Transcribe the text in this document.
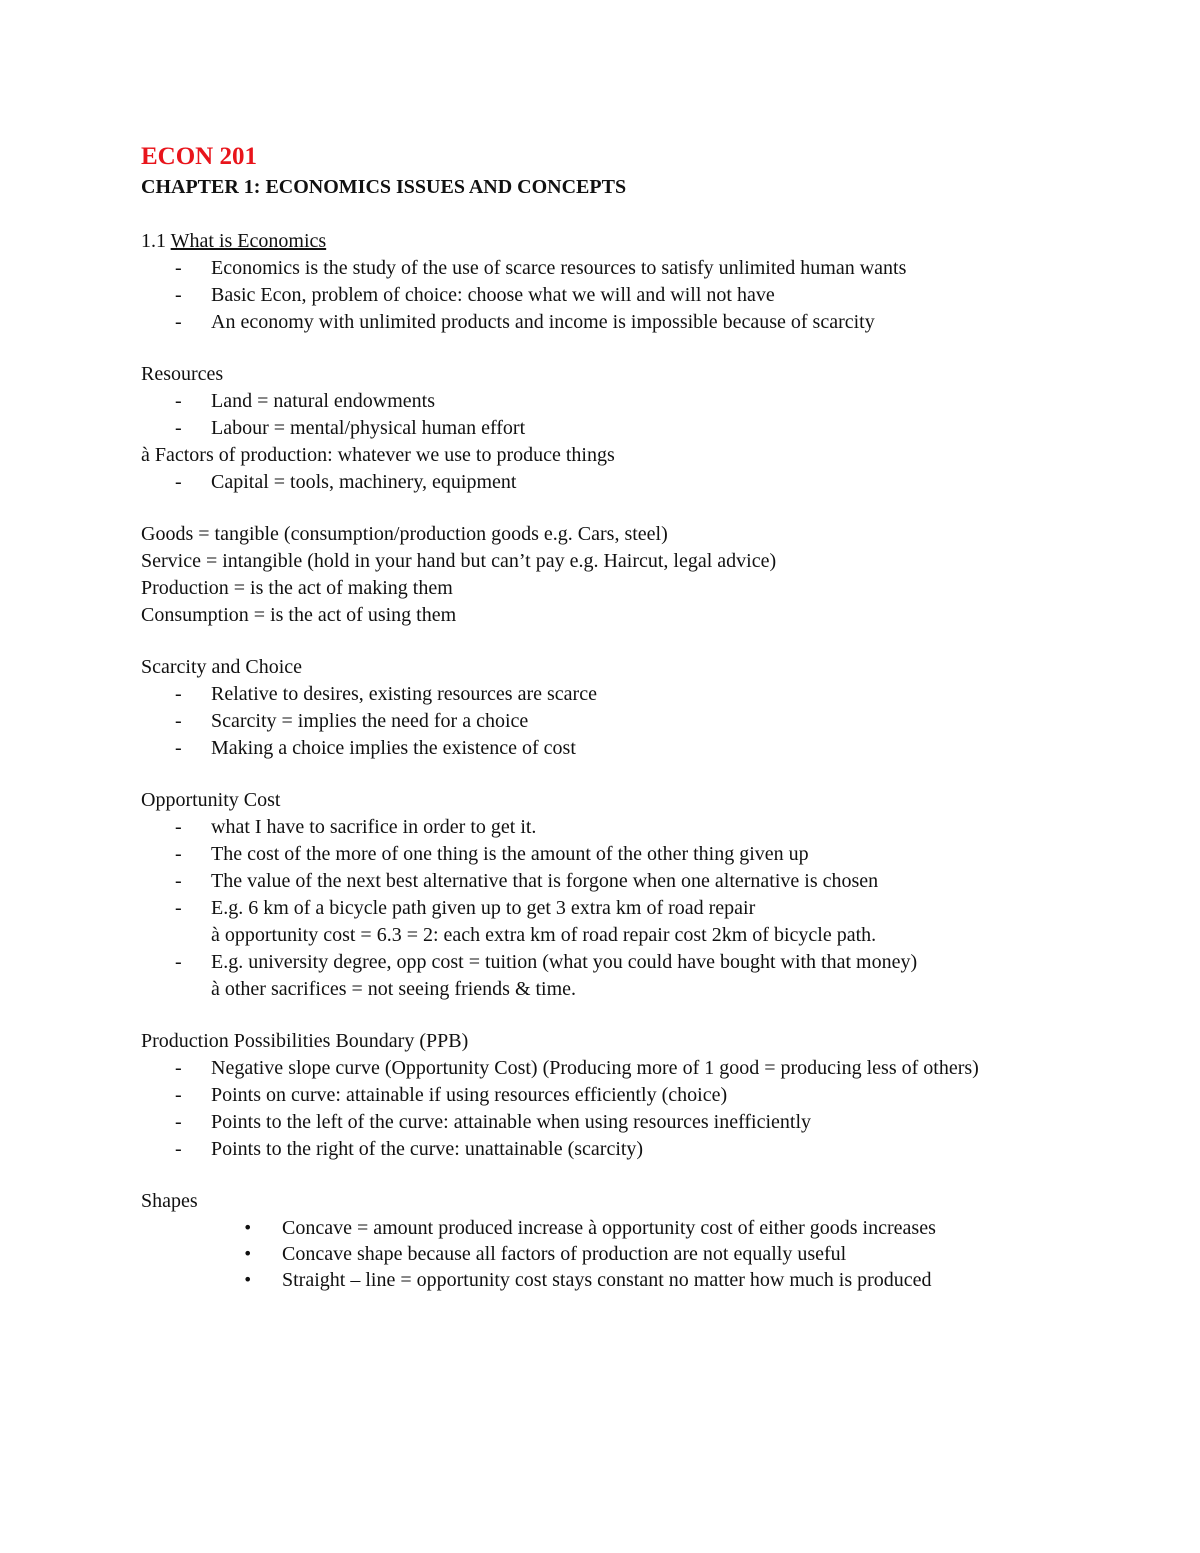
ECON 201

CHAPTER 1: ECONOMICS ISSUES AND CONCEPTS

1.1 What is Economics

- Economics is the study of the use of scarce resources to satisfy unlimited human wants
- Basic Econ, problem of choice: choose what we will and will not have
- An economy with unlimited products and income is impossible because of scarcity

Resources

- Land = natural endowments
- Labour = mental/physical human effort

à Factors of production: whatever we use to produce things

- Capital = tools, machinery, equipment

Goods = tangible (consumption/production goods e.g. Cars, steel)

Service = intangible (hold in your hand but can’t pay e.g. Haircut, legal advice)

Production = is the act of making them

Consumption = is the act of using them

Scarcity and Choice

- Relative to desires, existing resources are scarce
- Scarcity = implies the need for a choice
- Making a choice implies the existence of cost

Opportunity Cost

- what I have to sacrifice in order to get it.
- The cost of the more of one thing is the amount of the other thing given up
- The value of the next best alternative that is forgone when one alternative is chosen
- E.g. 6 km of a bicycle path given up to get 3 extra km of road repair
à opportunity cost = 6.3 = 2: each extra km of road repair cost 2km of bicycle path.
- E.g. university degree, opp cost = tuition (what you could have bought with that money)
à other sacrifices = not seeing friends & time.

Production Possibilities Boundary (PPB)

- Negative slope curve (Opportunity Cost) (Producing more of 1 good = producing less of others)
- Points on curve: attainable if using resources efficiently (choice)
- Points to the left of the curve: attainable when using resources inefficiently
- Points to the right of the curve: unattainable (scarcity)

Shapes

• Concave = amount produced increase à opportunity cost of either goods increases
• Concave shape because all factors of production are not equally useful
• Straight – line = opportunity cost stays constant no matter how much is produced
